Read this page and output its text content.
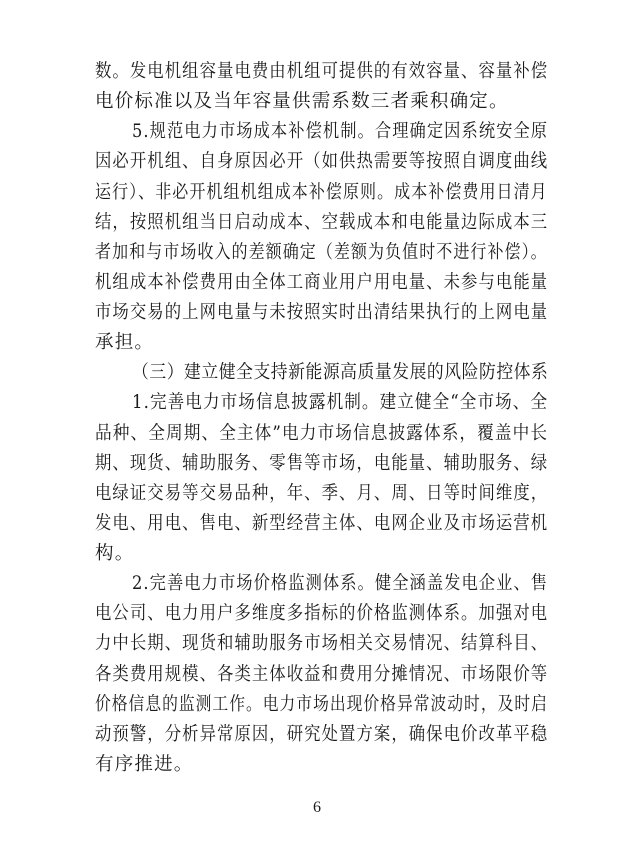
数。发电机组容量电费由机组可提供的有效容量、容量补偿
电价标准以及当年容量供需系数三者乘积确定。
5.规范电力市场成本补偿机制。合理确定因系统安全原
因必开机组、自身原因必开（如供热需要等按照自调度曲线
运行）、非必开机组机组成本补偿原则。成本补偿费用日清月
结，按照机组当日启动成本、空载成本和电能量边际成本三
者加和与市场收入的差额确定（差额为负值时不进行补偿）。
机组成本补偿费用由全体工商业用户用电量、未参与电能量
市场交易的上网电量与未按照实时出清结果执行的上网电量
承担。
（三）建立健全支持新能源高质量发展的风险防控体系
1.完善电力市场信息披露机制。建立健全“全市场、全
品种、全周期、全主体”电力市场信息披露体系，覆盖中长
期、现货、辅助服务、零售等市场，电能量、辅助服务、绿
电绿证交易等交易品种，年、季、月、周、日等时间维度，
发电、用电、售电、新型经营主体、电网企业及市场运营机
构。
2.完善电力市场价格监测体系。健全涵盖发电企业、售
电公司、电力用户多维度多指标的价格监测体系。加强对电
力中长期、现货和辅助服务市场相关交易情况、结算科目、
各类费用规模、各类主体收益和费用分摊情况、市场限价等
价格信息的监测工作。电力市场出现价格异常波动时，及时启
动预警，分析异常原因，研究处置方案，确保电价改革平稳
有序推进。
6
